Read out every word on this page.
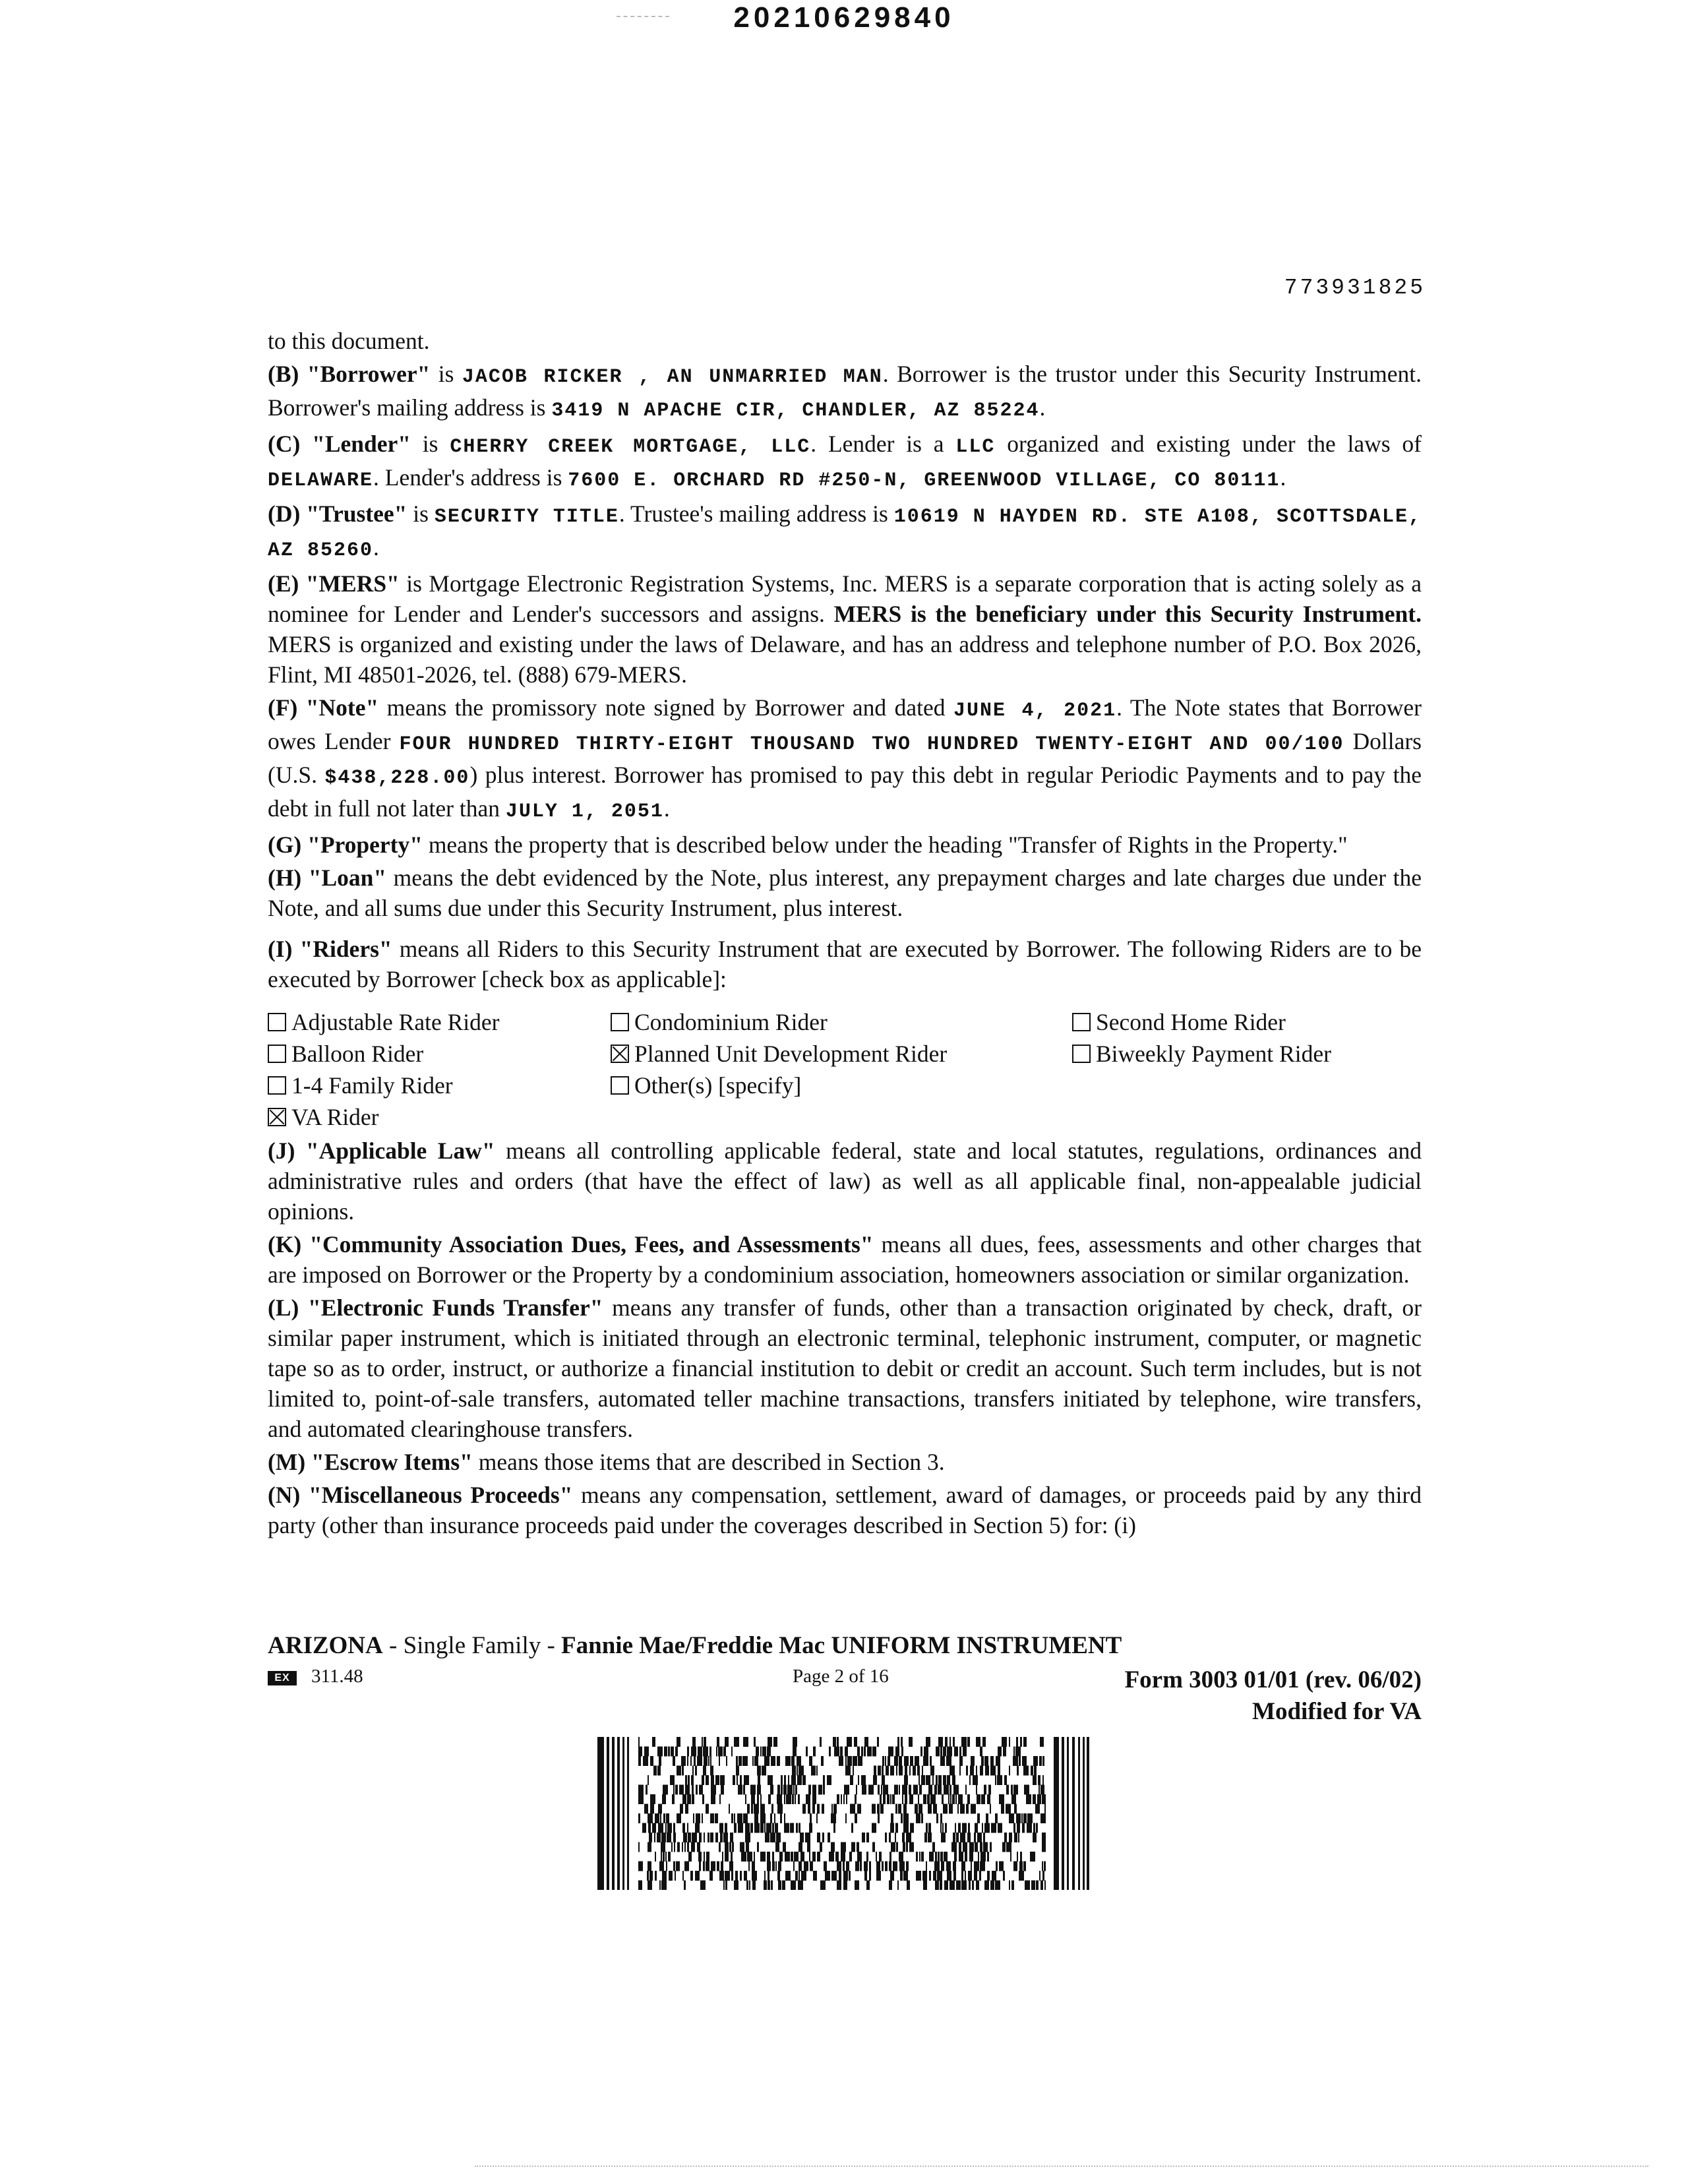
20210629840
773931825

to this document.

(B) "Borrower" is JACOB RICKER , AN UNMARRIED MAN. Borrower is the trustor under this Security Instrument. Borrower's mailing address is 3419 N APACHE CIR, CHANDLER, AZ 85224.

(C) "Lender" is CHERRY CREEK MORTGAGE, LLC. Lender is a LLC organized and existing under the laws of DELAWARE. Lender's address is 7600 E. ORCHARD RD #250-N, GREENWOOD VILLAGE, CO 80111.

(D) "Trustee" is SECURITY TITLE. Trustee's mailing address is 10619 N HAYDEN RD. STE A108, SCOTTSDALE, AZ 85260.

(E) "MERS" is Mortgage Electronic Registration Systems, Inc. MERS is a separate corporation that is acting solely as a nominee for Lender and Lender's successors and assigns. MERS is the beneficiary under this Security Instrument. MERS is organized and existing under the laws of Delaware, and has an address and telephone number of P.O. Box 2026, Flint, MI 48501-2026, tel. (888) 679-MERS.

(F) "Note" means the promissory note signed by Borrower and dated JUNE 4, 2021. The Note states that Borrower owes Lender FOUR HUNDRED THIRTY-EIGHT THOUSAND TWO HUNDRED TWENTY-EIGHT AND 00/100 Dollars (U.S. $438,228.00) plus interest. Borrower has promised to pay this debt in regular Periodic Payments and to pay the debt in full not later than JULY 1, 2051.

(G) "Property" means the property that is described below under the heading "Transfer of Rights in the Property."

(H) "Loan" means the debt evidenced by the Note, plus interest, any prepayment charges and late charges due under the Note, and all sums due under this Security Instrument, plus interest.

(I) "Riders" means all Riders to this Security Instrument that are executed by Borrower. The following Riders are to be executed by Borrower [check box as applicable]:

Adjustable Rate Rider	Condominium Rider	Second Home Rider
Balloon Rider	Planned Unit Development Rider	Biweekly Payment Rider
1-4 Family Rider	Other(s) [specify]
VA Rider

(J) "Applicable Law" means all controlling applicable federal, state and local statutes, regulations, ordinances and administrative rules and orders (that have the effect of law) as well as all applicable final, non-appealable judicial opinions.

(K) "Community Association Dues, Fees, and Assessments" means all dues, fees, assessments and other charges that are imposed on Borrower or the Property by a condominium association, homeowners association or similar organization.

(L) "Electronic Funds Transfer" means any transfer of funds, other than a transaction originated by check, draft, or similar paper instrument, which is initiated through an electronic terminal, telephonic instrument, computer, or magnetic tape so as to order, instruct, or authorize a financial institution to debit or credit an account. Such term includes, but is not limited to, point-of-sale transfers, automated teller machine transactions, transfers initiated by telephone, wire transfers, and automated clearinghouse transfers.

(M) "Escrow Items" means those items that are described in Section 3.

(N) "Miscellaneous Proceeds" means any compensation, settlement, award of damages, or proceeds paid by any third party (other than insurance proceeds paid under the coverages described in Section 5) for: (i)

ARIZONA - Single Family - Fannie Mae/Freddie Mac UNIFORM INSTRUMENT
EX	311.48	Page 2 of 16	Form 3003 01/01 (rev. 06/02)
Modified for VA
